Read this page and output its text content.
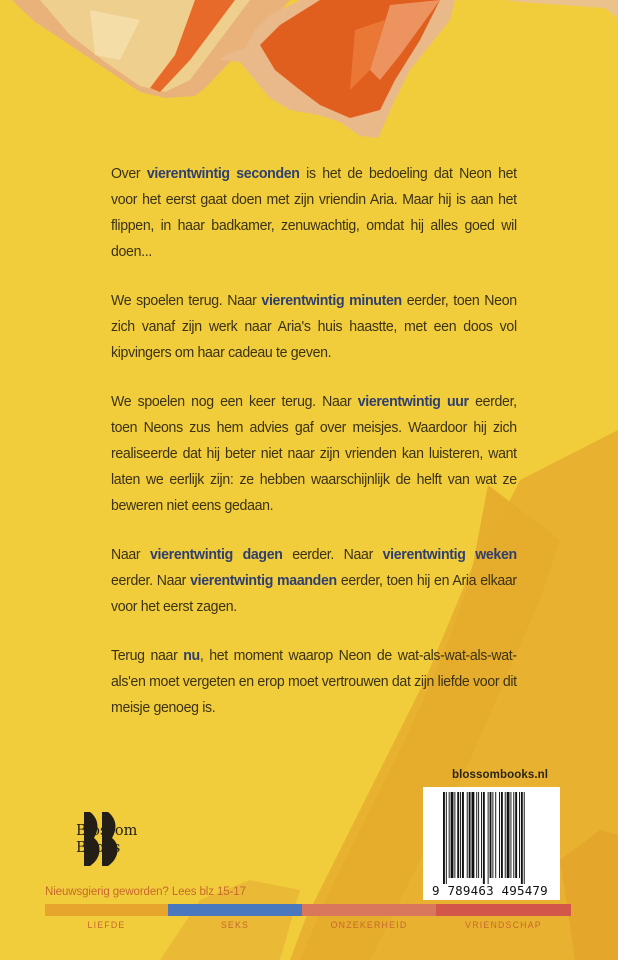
Over vierentwintig seconden is het de bedoeling dat Neon het voor het eerst gaat doen met zijn vriendin Aria. Maar hij is aan het flippen, in haar badkamer, zenuwachtig, omdat hij alles goed wil doen...

We spoelen terug. Naar vierentwintig minuten eerder, toen Neon zich vanaf zijn werk naar Aria's huis haastte, met een doos vol kipvingers om haar cadeau te geven.

We spoelen nog een keer terug. Naar vierentwintig uur eerder, toen Neons zus hem advies gaf over meisjes. Waardoor hij zich realiseerde dat hij beter niet naar zijn vrienden kan luisteren, want laten we eerlijk zijn: ze hebben waarschijnlijk de helft van wat ze beweren niet eens gedaan.

Naar vierentwintig dagen eerder. Naar vierentwintig weken eerder. Naar vierentwintig maanden eerder, toen hij en Aria elkaar voor het eerst zagen.

Terug naar nu, het moment waarop Neon de wat-als-wat-als-wat-als'en moet vergeten en erop moet vertrouwen dat zijn liefde voor dit meisje genoeg is.

blossombooks.nl
9 789463 495479
Blossom
Books
Nieuwsgierig geworden? Lees blz 15-17
LIEFDE	SEKS	ONZEKERHEID	VRIENDSCHAP
